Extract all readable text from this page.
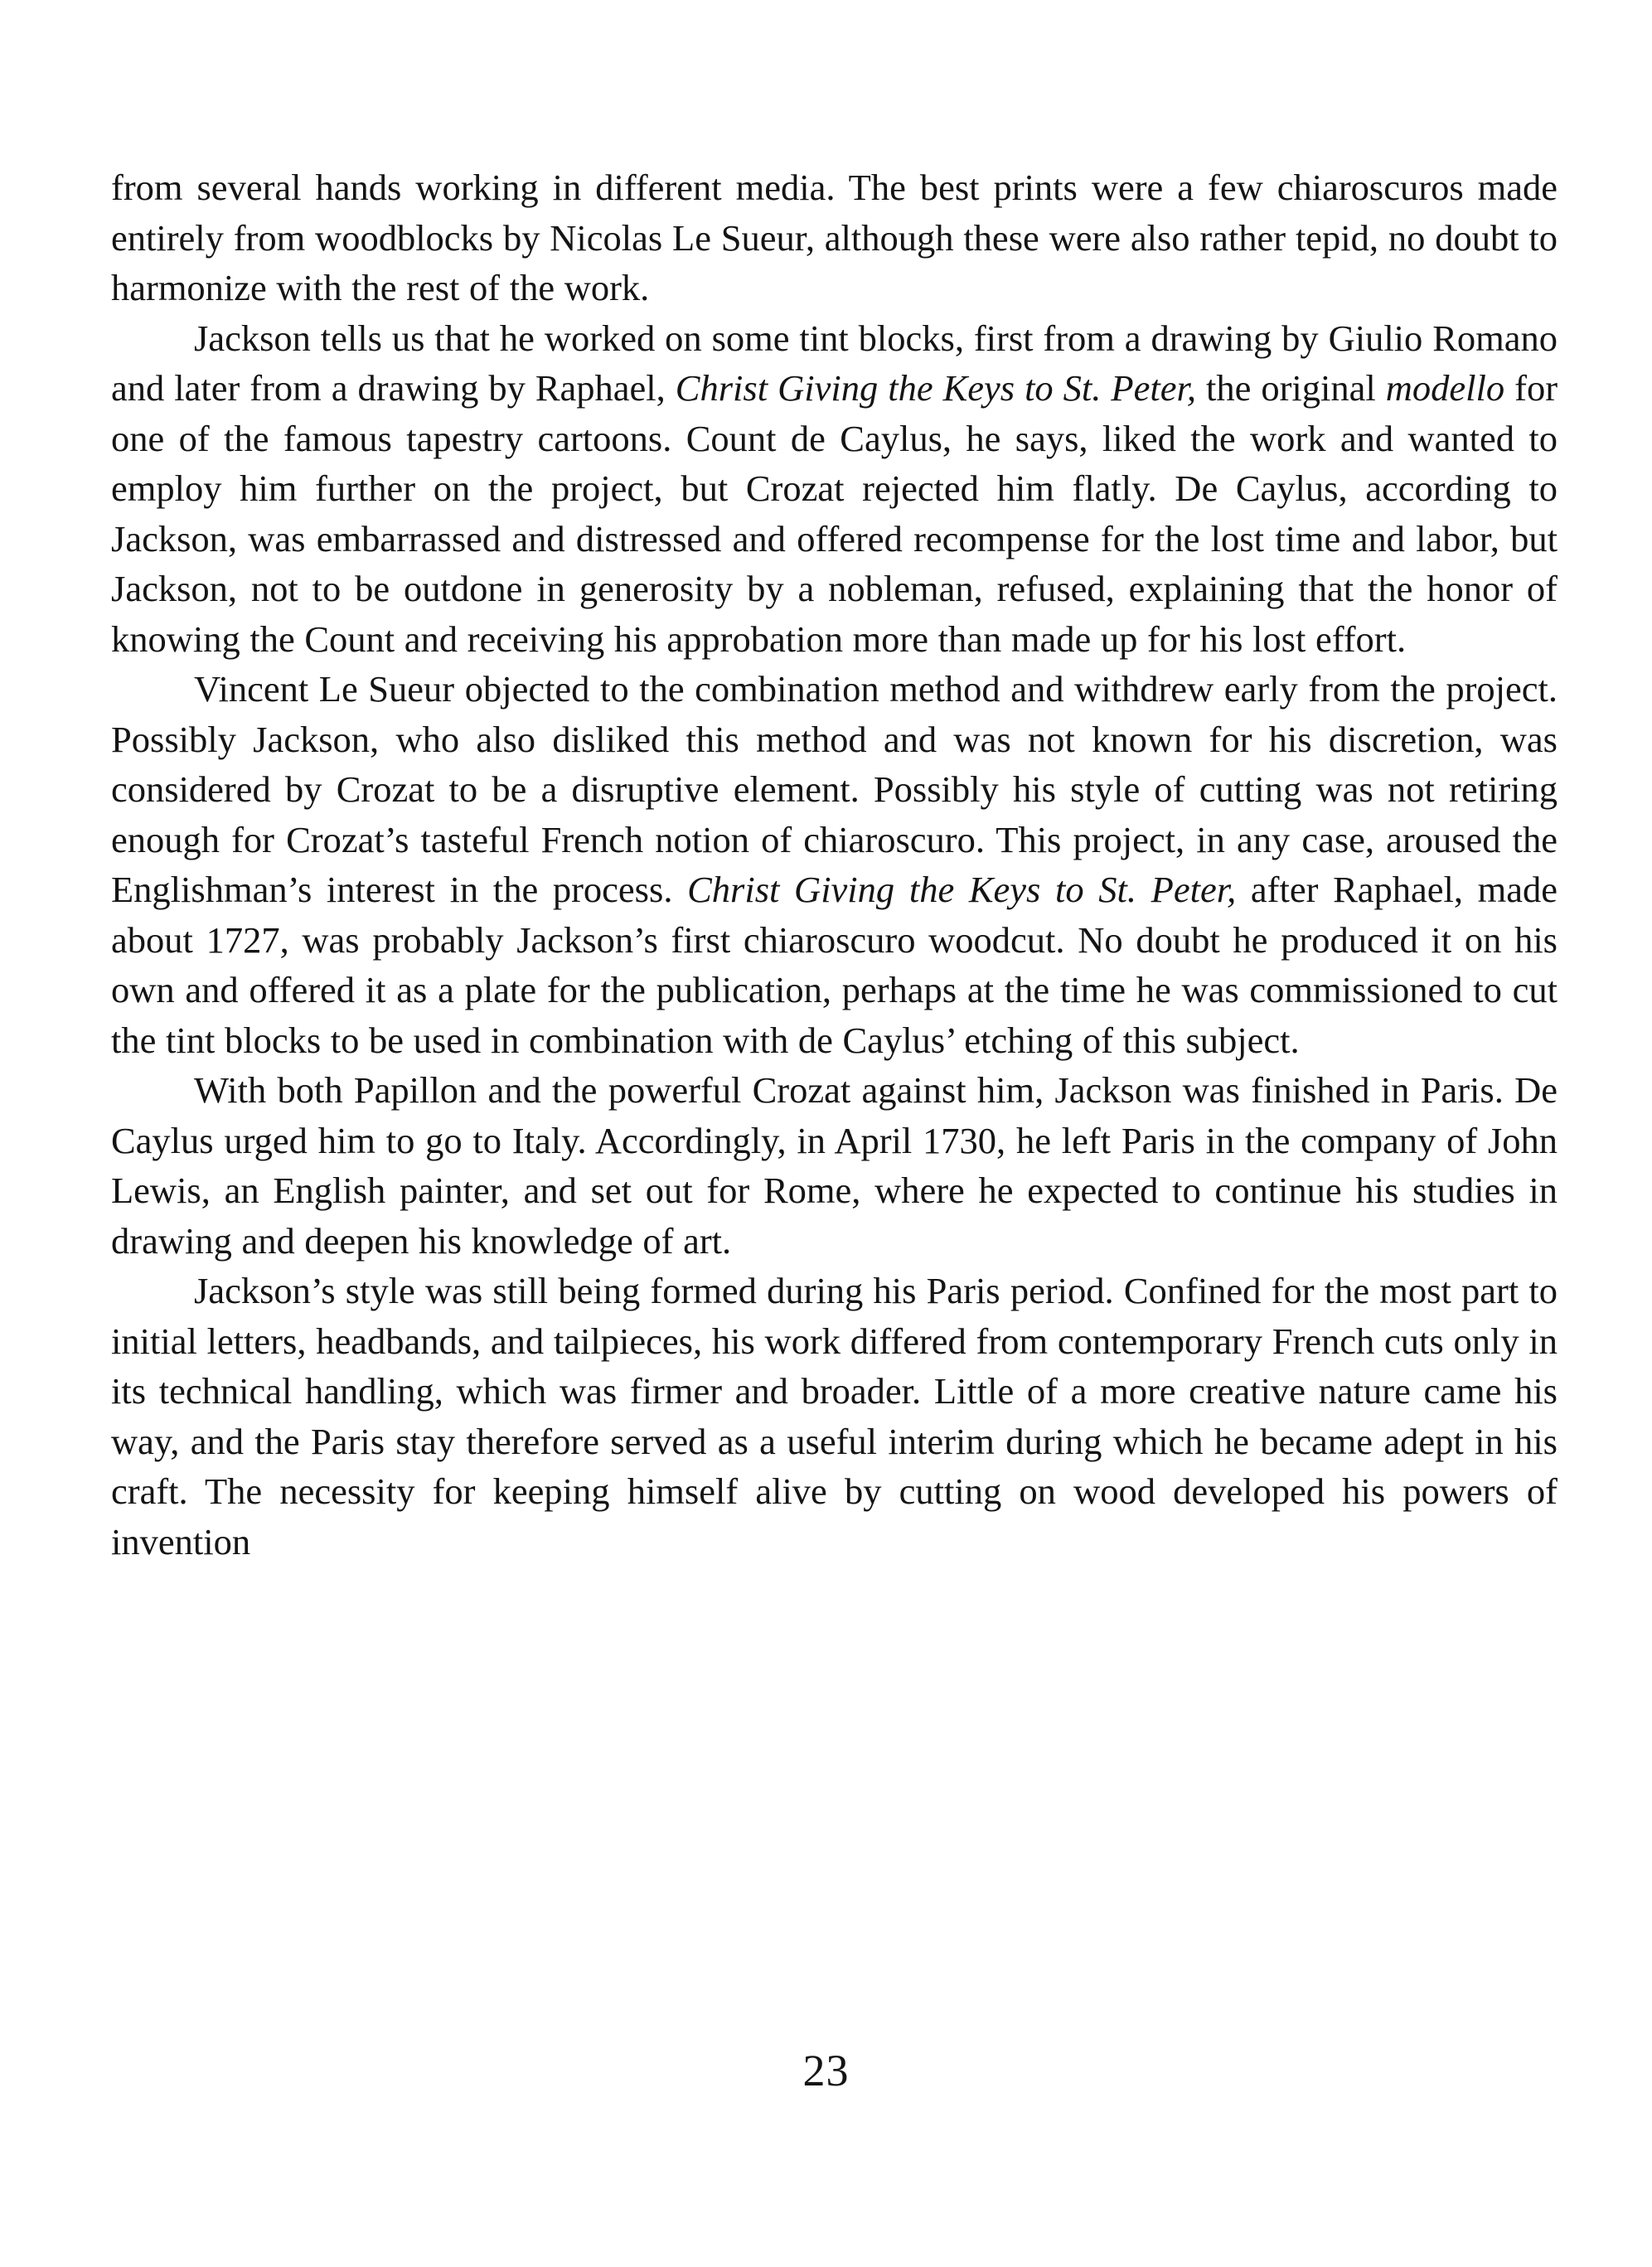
from several hands working in different media. The best prints were a few chiaroscuros made entirely from woodblocks by Nicolas Le Sueur, although these were also rather tepid, no doubt to harmonize with the rest of the work.

Jackson tells us that he worked on some tint blocks, first from a drawing by Giulio Romano and later from a drawing by Raphael, Christ Giving the Keys to St. Peter, the original modello for one of the famous tapestry cartoons. Count de Caylus, he says, liked the work and wanted to employ him further on the project, but Crozat rejected him flatly. De Caylus, according to Jackson, was embarrassed and distressed and offered recompense for the lost time and labor, but Jackson, not to be outdone in generosity by a nobleman, refused, explaining that the honor of knowing the Count and receiving his approbation more than made up for his lost effort.

Vincent Le Sueur objected to the combination method and withdrew early from the project. Possibly Jackson, who also disliked this method and was not known for his discretion, was considered by Crozat to be a disruptive element. Possibly his style of cutting was not retiring enough for Crozat’s tasteful French notion of chiaroscuro. This project, in any case, aroused the Englishman’s interest in the process. Christ Giving the Keys to St. Peter, after Raphael, made about 1727, was probably Jackson’s first chiaroscuro woodcut. No doubt he produced it on his own and offered it as a plate for the publication, perhaps at the time he was commissioned to cut the tint blocks to be used in combination with de Caylus’ etching of this subject.

With both Papillon and the powerful Crozat against him, Jackson was finished in Paris. De Caylus urged him to go to Italy. Accordingly, in April 1730, he left Paris in the company of John Lewis, an English painter, and set out for Rome, where he expected to continue his studies in drawing and deepen his knowledge of art.

Jackson’s style was still being formed during his Paris period. Confined for the most part to initial letters, headbands, and tailpieces, his work differed from contemporary French cuts only in its technical handling, which was firmer and broader. Little of a more creative nature came his way, and the Paris stay therefore served as a useful interim during which he became adept in his craft. The necessity for keeping himself alive by cutting on wood developed his powers of invention

23
